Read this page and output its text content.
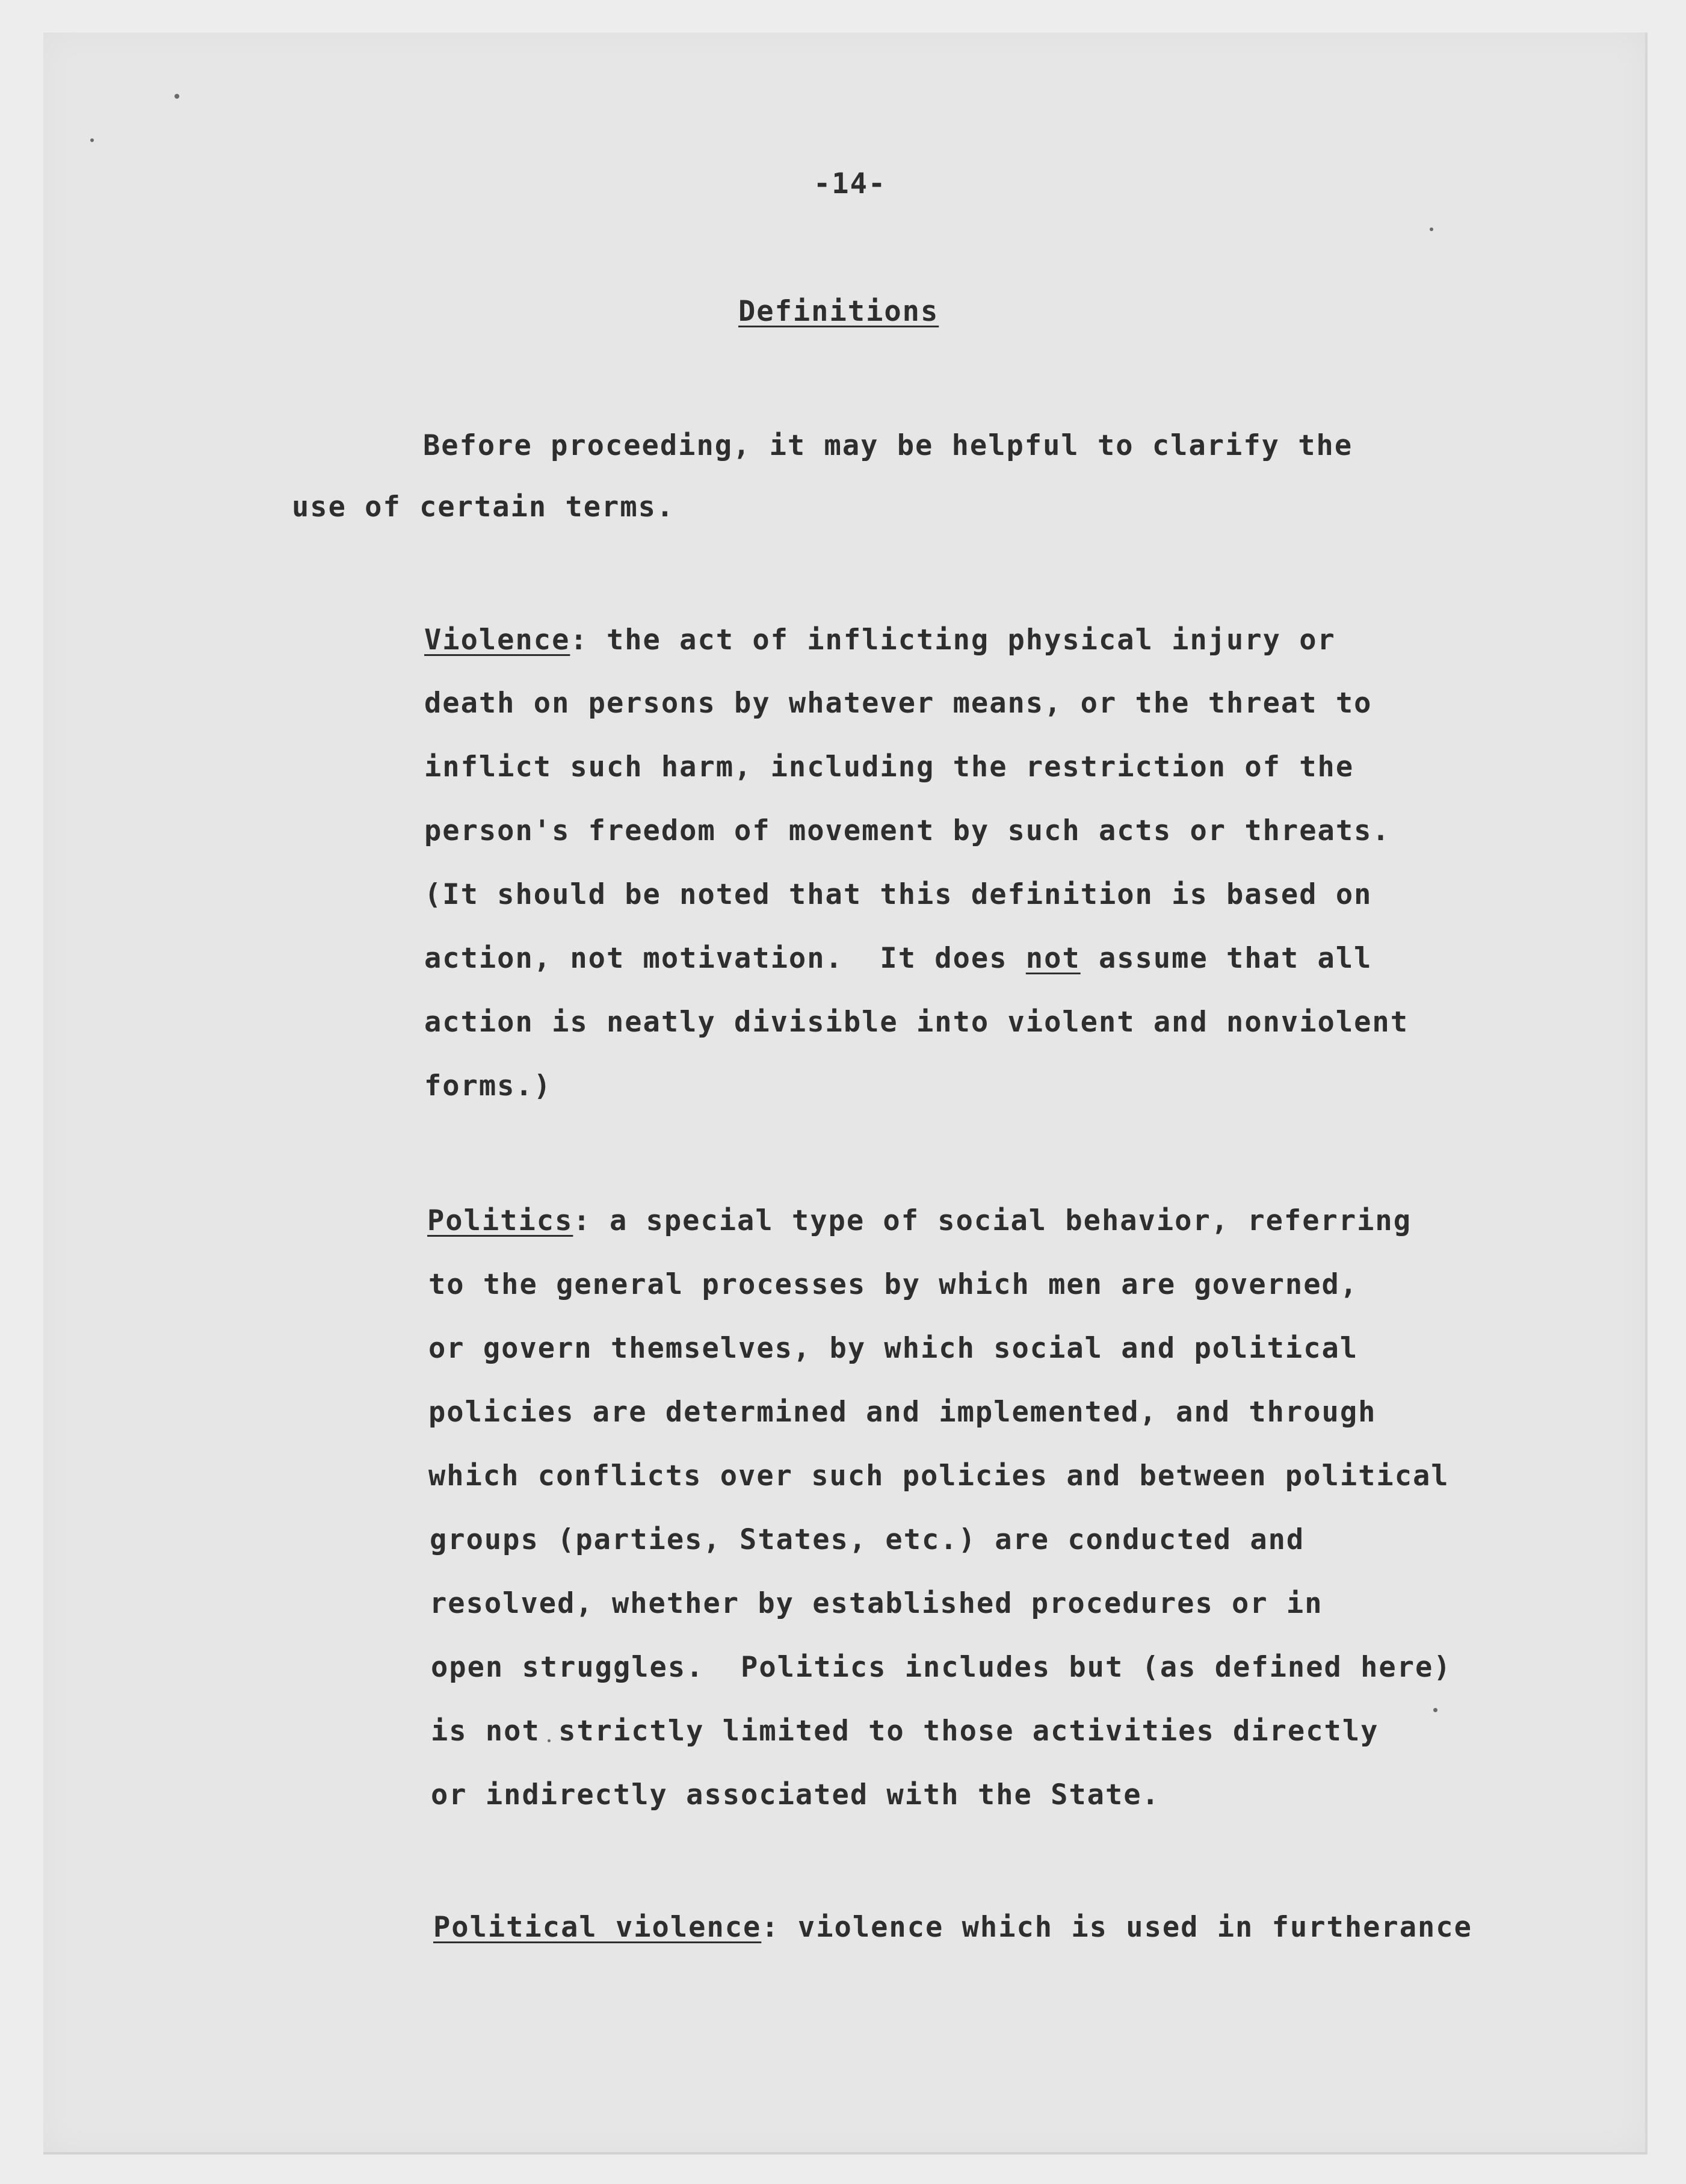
-14-

Definitions

Before proceeding, it may be helpful to clarify the

use of certain terms.

Violence: the act of inflicting physical injury or

death on persons by whatever means, or the threat to

inflict such harm, including the restriction of the

person's freedom of movement by such acts or threats.

(It should be noted that this definition is based on

action, not motivation.  It does not assume that all

action is neatly divisible into violent and nonviolent

forms.)

Politics: a special type of social behavior, referring

to the general processes by which men are governed,

or govern themselves, by which social and political

policies are determined and implemented, and through

which conflicts over such policies and between political

groups (parties, States, etc.) are conducted and

resolved, whether by established procedures or in

open struggles.  Politics includes but (as defined here)

is not strictly limited to those activities directly

or indirectly associated with the State.

Political violence: violence which is used in furtherance
